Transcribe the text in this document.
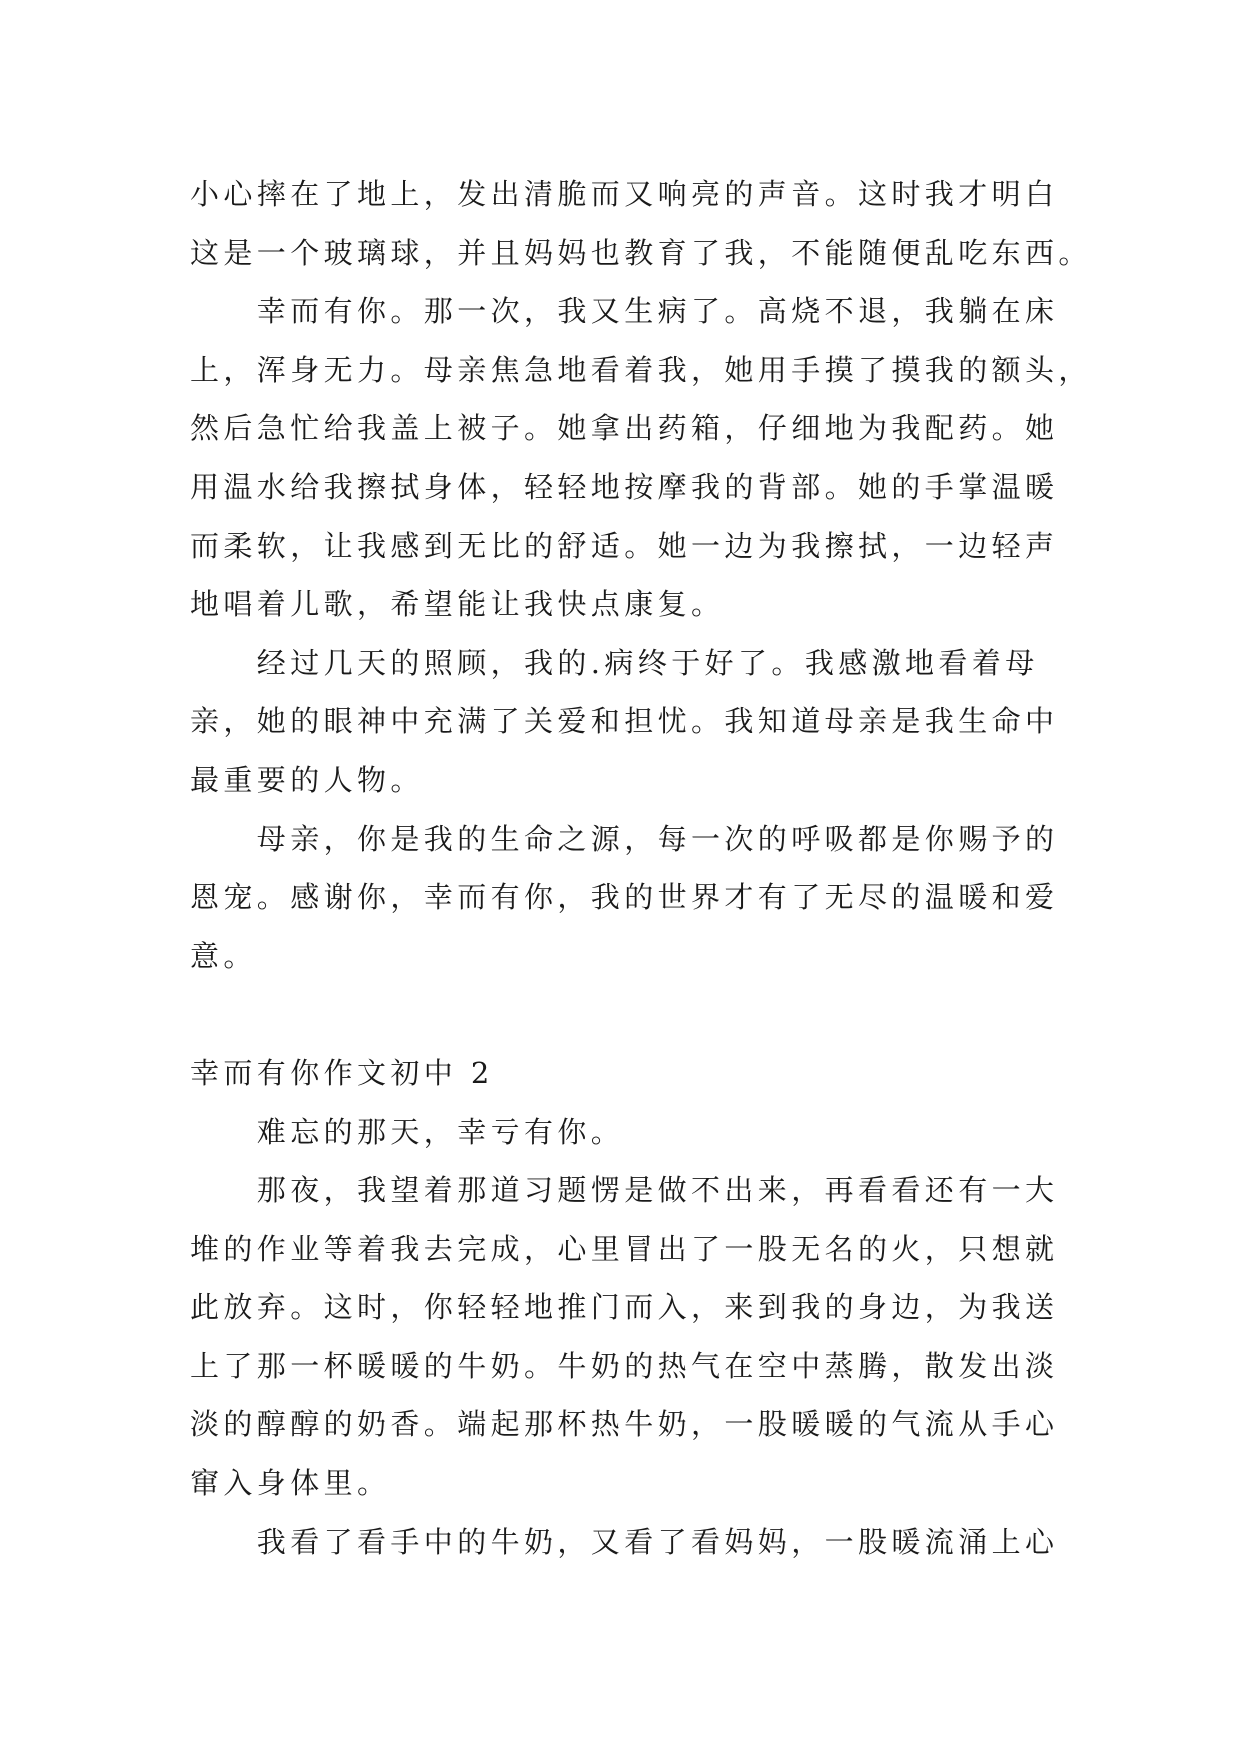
小心摔在了地上，发出清脆而又响亮的声音。这时我才明白
这是一个玻璃球，并且妈妈也教育了我，不能随便乱吃东西。
　　幸而有你。那一次，我又生病了。高烧不退，我躺在床
上，浑身无力。母亲焦急地看着我，她用手摸了摸我的额头，
然后急忙给我盖上被子。她拿出药箱，仔细地为我配药。她
用温水给我擦拭身体，轻轻地按摩我的背部。她的手掌温暖
而柔软，让我感到无比的舒适。她一边为我擦拭，一边轻声
地唱着儿歌，希望能让我快点康复。
　　经过几天的照顾，我的.病终于好了。我感激地看着母
亲，她的眼神中充满了关爱和担忧。我知道母亲是我生命中
最重要的人物。
　　母亲，你是我的生命之源，每一次的呼吸都是你赐予的
恩宠。感谢你，幸而有你，我的世界才有了无尽的温暖和爱
意。
幸而有你作文初中 2
　　难忘的那天，幸亏有你。
　　那夜，我望着那道习题愣是做不出来，再看看还有一大
堆的作业等着我去完成，心里冒出了一股无名的火，只想就
此放弃。这时，你轻轻地推门而入，来到我的身边，为我送
上了那一杯暖暖的牛奶。牛奶的热气在空中蒸腾，散发出淡
淡的醇醇的奶香。端起那杯热牛奶，一股暖暖的气流从手心
窜入身体里。
　　我看了看手中的牛奶，又看了看妈妈，一股暖流涌上心
